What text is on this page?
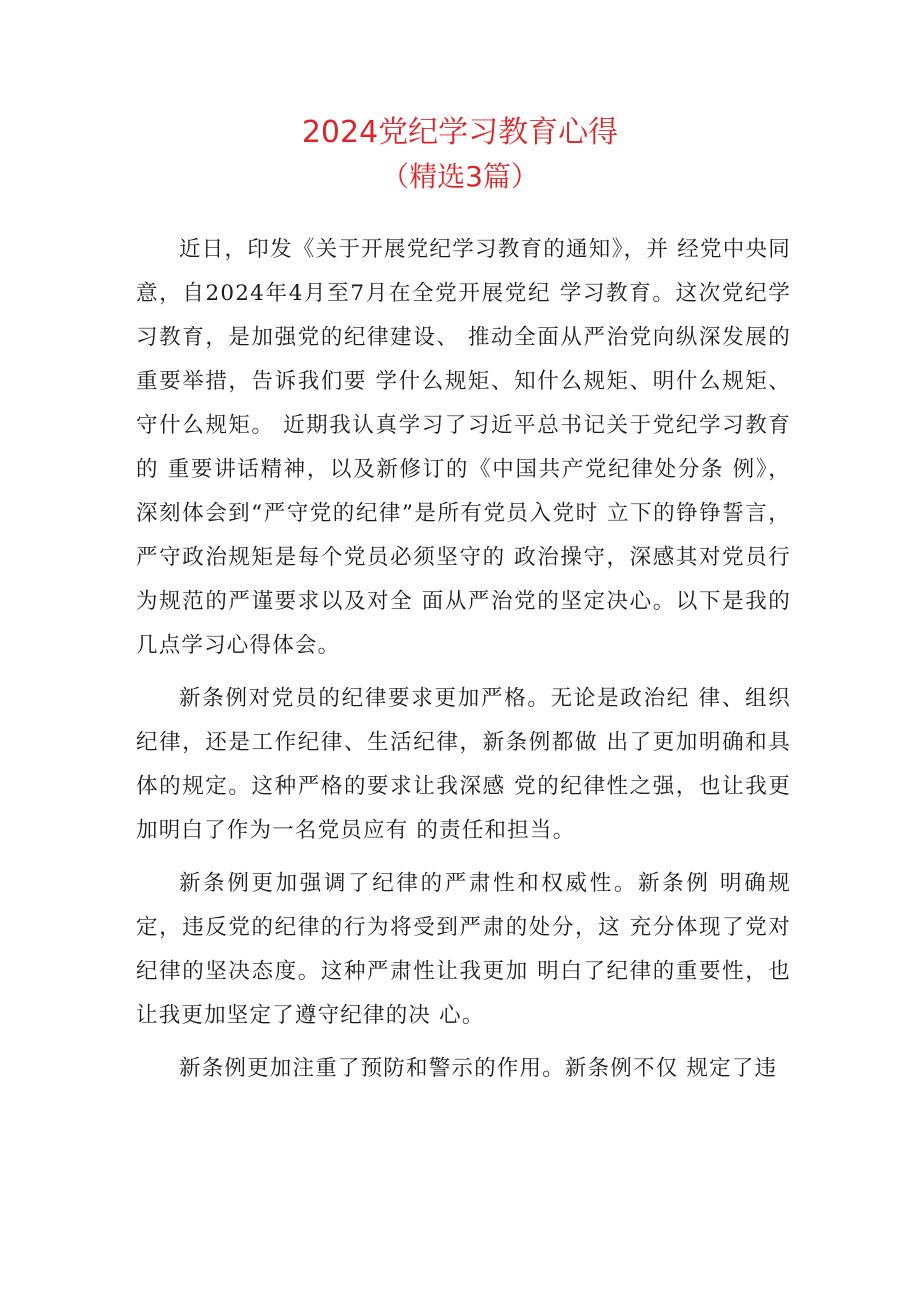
2024党纪学习教育心得
（精选3篇）

近日，印发《关于开展党纪学习教育的通知》，并 经党中央同意，自2024年4月至7月在全党开展党纪 学习教育。这次党纪学习教育，是加强党的纪律建设、 推动全面从严治党向纵深发展的重要举措，告诉我们要 学什么规矩、知什么规矩、明什么规矩、守什么规矩。 近期我认真学习了习近平总书记关于党纪学习教育的 重要讲话精神，以及新修订的《中国共产党纪律处分条 例》，深刻体会到“严守党的纪律”是所有党员入党时 立下的铮铮誓言，严守政治规矩是每个党员必须坚守的 政治操守，深感其对党员行为规范的严谨要求以及对全 面从严治党的坚定决心。以下是我的几点学习心得体会。

新条例对党员的纪律要求更加严格。无论是政治纪 律、组织纪律，还是工作纪律、生活纪律，新条例都做 出了更加明确和具体的规定。这种严格的要求让我深感 党的纪律性之强，也让我更加明白了作为一名党员应有 的责任和担当。

新条例更加强调了纪律的严肃性和权威性。新条例 明确规定，违反党的纪律的行为将受到严肃的处分，这 充分体现了党对纪律的坚决态度。这种严肃性让我更加 明白了纪律的重要性，也让我更加坚定了遵守纪律的决 心。

新条例更加注重了预防和警示的作用。新条例不仅 规定了违
